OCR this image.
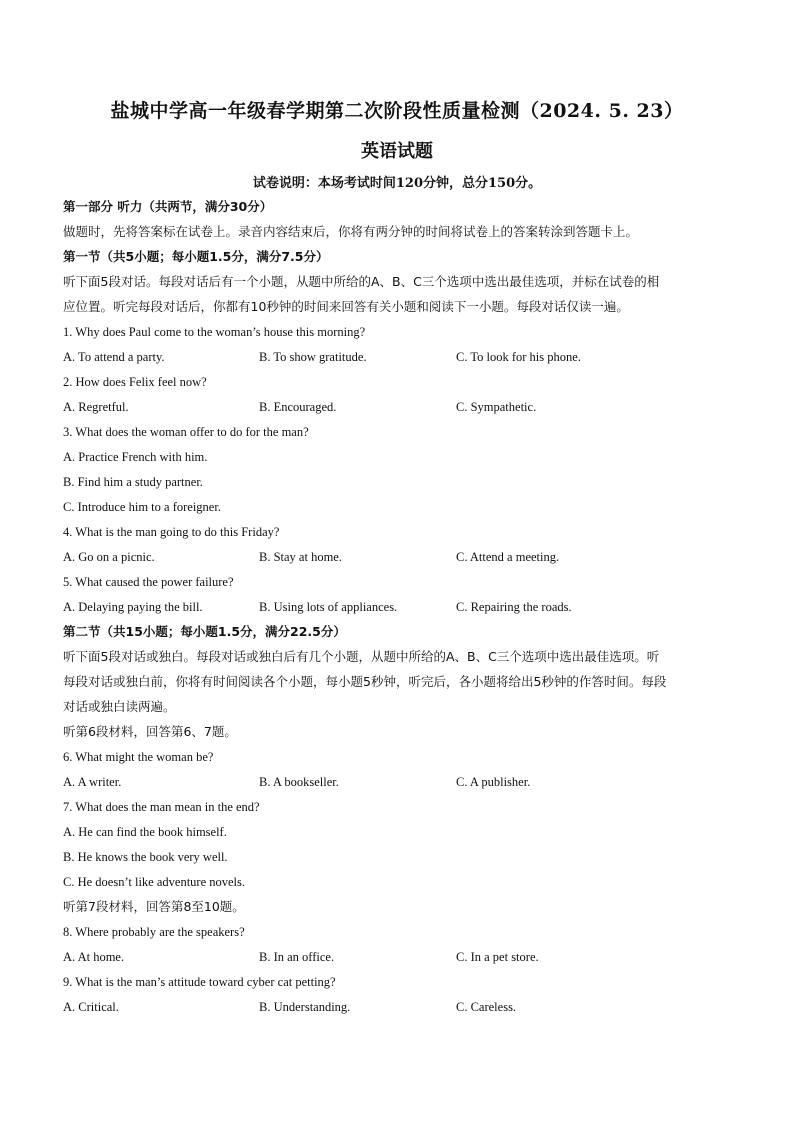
盐城中学高一年级春学期第二次阶段性质量检测（2024. 5. 23）
英语试题
试卷说明：本场考试时间120分钟，总分150分。
第一部分 听力（共两节，满分30分）
做题时，先将答案标在试卷上。录音内容结束后，你将有两分钟的时间将试卷上的答案转涂到答题卡上。
第一节（共5小题；每小题1.5分，满分7.5分）
听下面5段对话。每段对话后有一个小题，从题中所给的A、B、C三个选项中选出最佳选项，并标在试卷的相
应位置。听完每段对话后，你都有10秒钟的时间来回答有关小题和阅读下一小题。每段对话仅读一遍。
1. Why does Paul come to the woman’s house this morning?
A. To attend a party.	B. To show gratitude.	C. To look for his phone.
2. How does Felix feel now?
A. Regretful.	B. Encouraged.	C. Sympathetic.
3. What does the woman offer to do for the man?
A. Practice French with him.
B. Find him a study partner.
C. Introduce him to a foreigner.
4. What is the man going to do this Friday?
A. Go on a picnic.	B. Stay at home.	C. Attend a meeting.
5. What caused the power failure?
A. Delaying paying the bill.	B. Using lots of appliances.	C. Repairing the roads.
第二节（共15小题；每小题1.5分，满分22.5分）
听下面5段对话或独白。每段对话或独白后有几个小题，从题中所给的A、B、C三个选项中选出最佳选项。听
每段对话或独白前，你将有时间阅读各个小题，每小题5秒钟，听完后，各小题将给出5秒钟的作答时间。每段
对话或独白读两遍。
听第6段材料，回答第6、7题。
6. What might the woman be?
A. A writer.	B. A bookseller.	C. A publisher.
7. What does the man mean in the end?
A. He can find the book himself.
B. He knows the book very well.
C. He doesn’t like adventure novels.
听第7段材料，回答第8至10题。
8. Where probably are the speakers?
A. At home.	B. In an office.	C. In a pet store.
9. What is the man’s attitude toward cyber cat petting?
A. Critical.	B. Understanding.	C. Careless.
